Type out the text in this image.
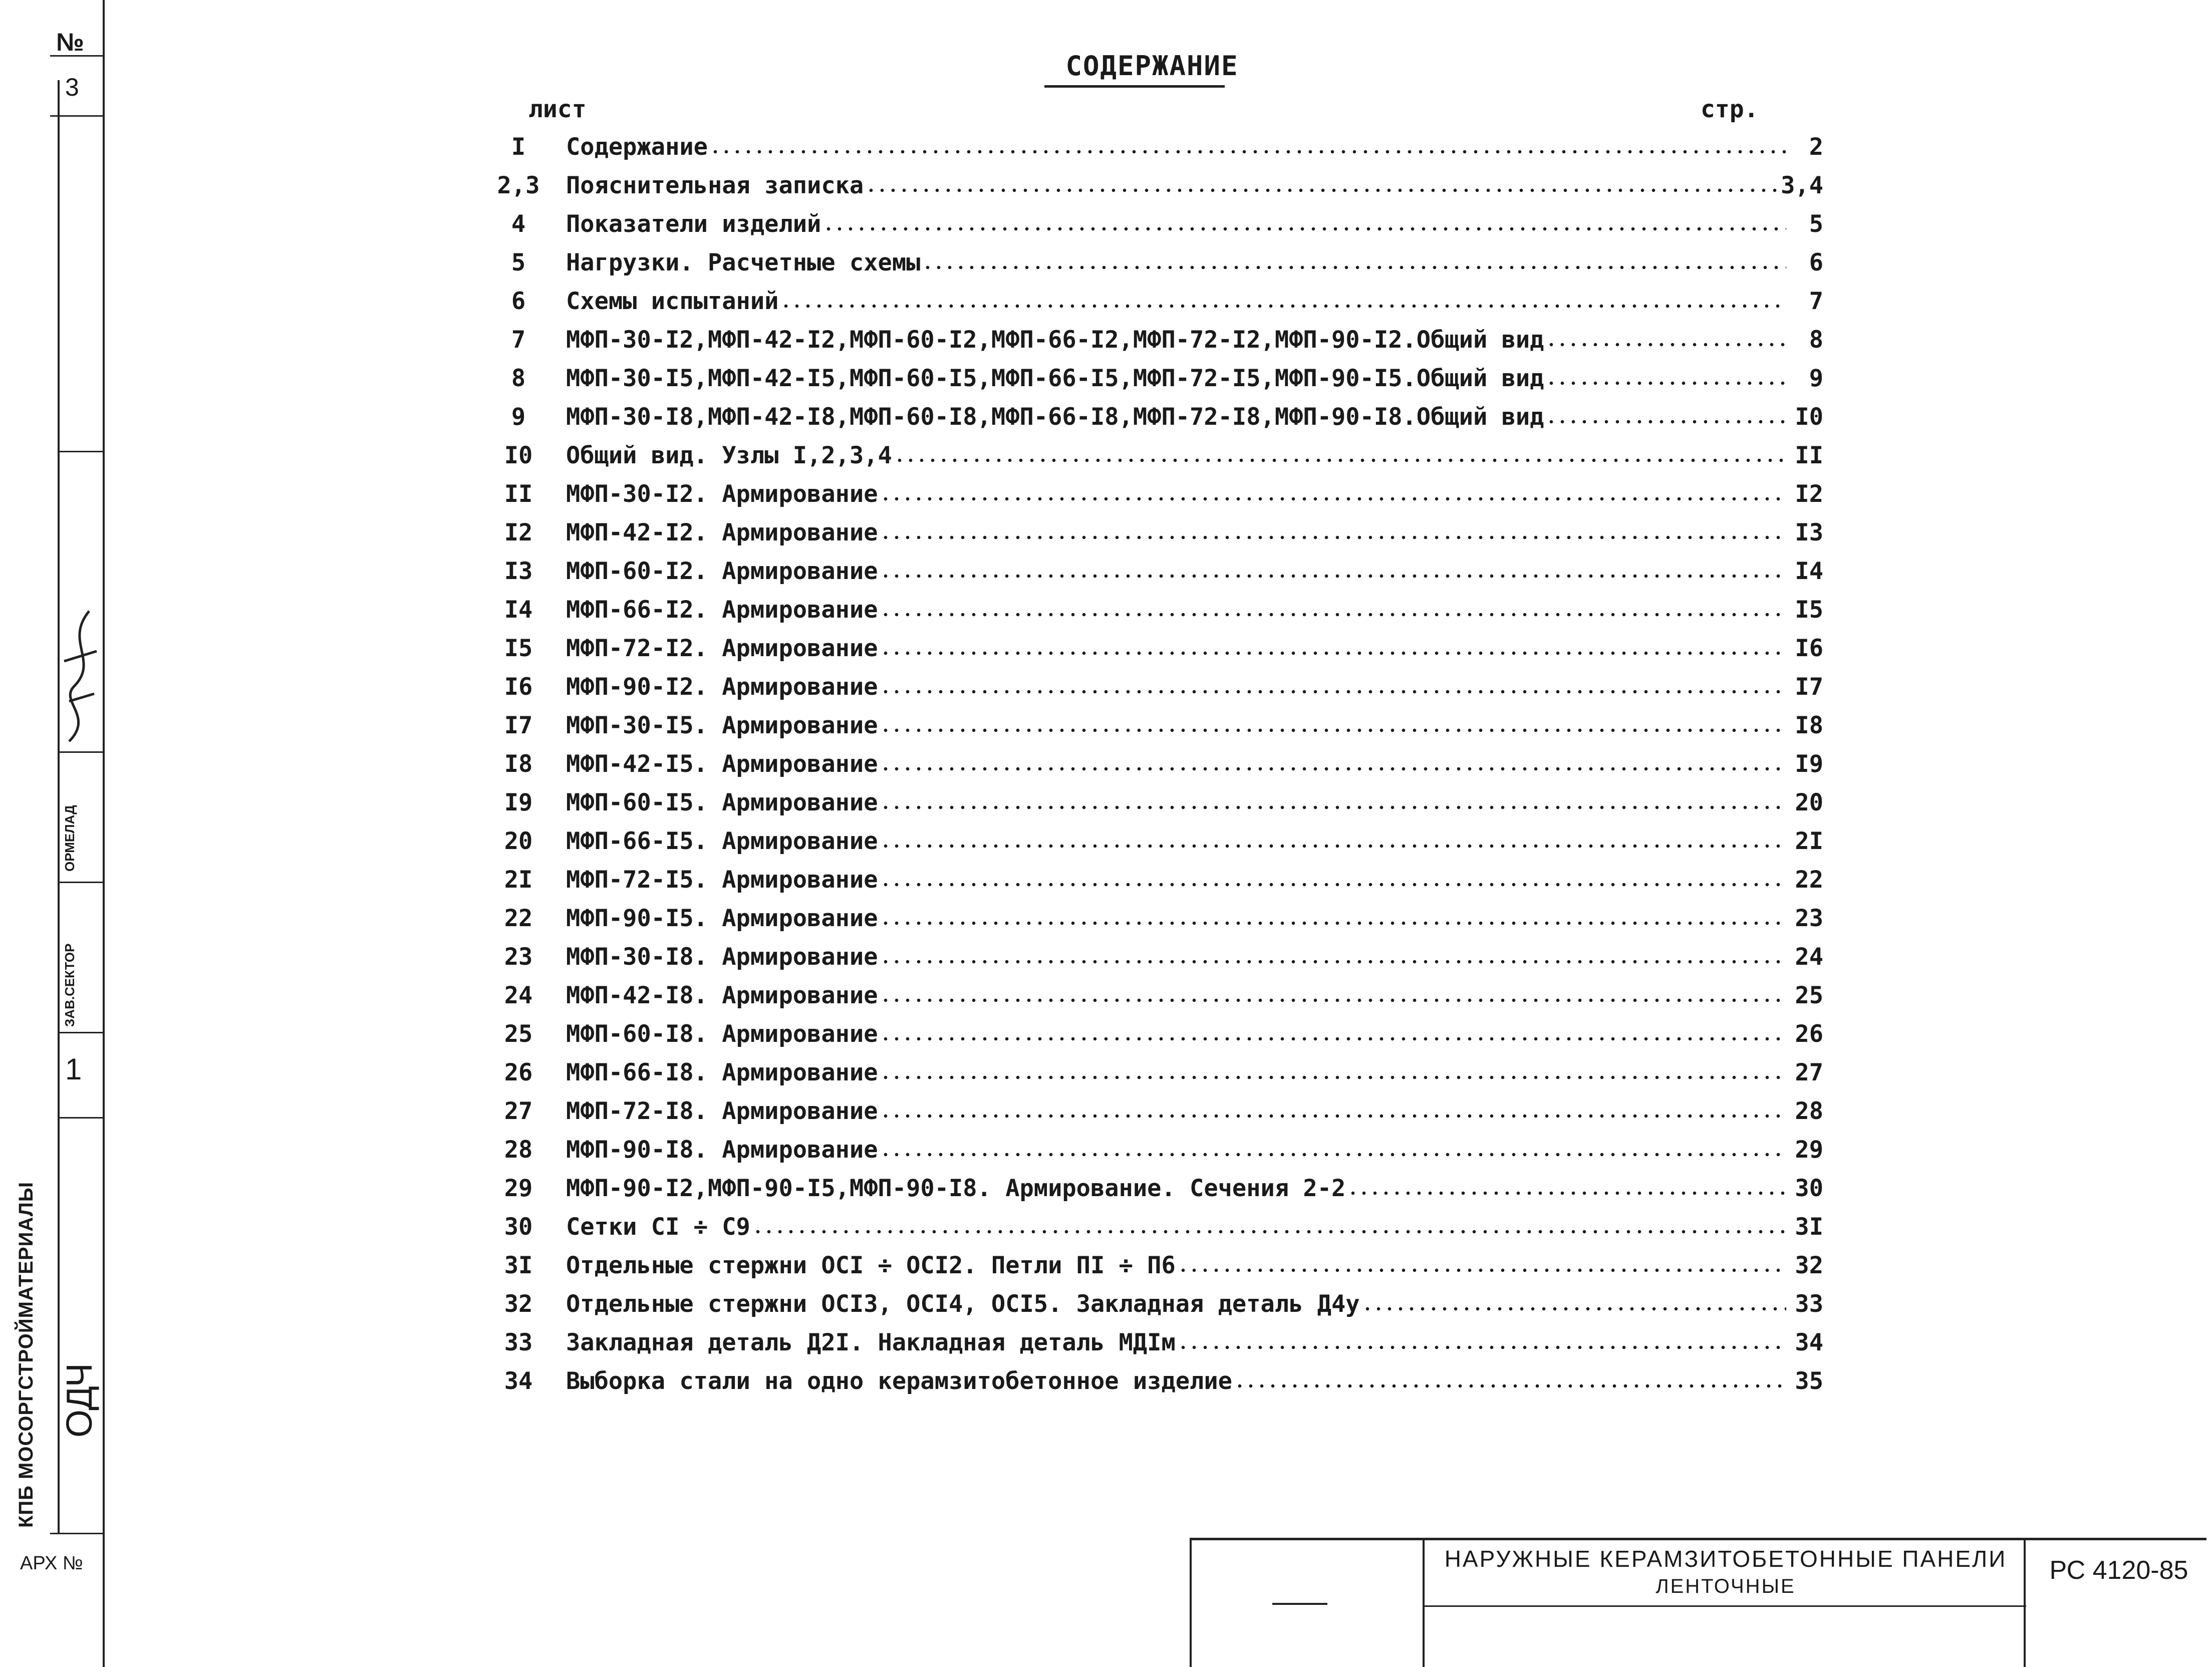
№
3
ОРМЕЛАД
ЗАВ.СЕКТОР
1
ОДЧ
КПБ МОСОРГСТРОЙМАТЕРИАЛЫ
АРХ №
СОДЕРЖАНИЕ
лист	стр.
I	Содержание	2
2,3	Пояснительная записка	3,4
4	Показатели изделий	5
5	Нагрузки. Расчетные схемы	6
6	Схемы испытаний	7
7	МФП-30-I2,МФП-42-I2,МФП-60-I2,МФП-66-I2,МФП-72-I2,МФП-90-I2.Общий вид	8
8	МФП-30-I5,МФП-42-I5,МФП-60-I5,МФП-66-I5,МФП-72-I5,МФП-90-I5.Общий вид	9
9	МФП-30-I8,МФП-42-I8,МФП-60-I8,МФП-66-I8,МФП-72-I8,МФП-90-I8.Общий вид	I0
I0	Общий вид. Узлы I,2,3,4	II
II	МФП-30-I2. Армирование	I2
I2	МФП-42-I2. Армирование	I3
I3	МФП-60-I2. Армирование	I4
I4	МФП-66-I2. Армирование	I5
I5	МФП-72-I2. Армирование	I6
I6	МФП-90-I2. Армирование	I7
I7	МФП-30-I5. Армирование	I8
I8	МФП-42-I5. Армирование	I9
I9	МФП-60-I5. Армирование	20
20	МФП-66-I5. Армирование	2I
2I	МФП-72-I5. Армирование	22
22	МФП-90-I5. Армирование	23
23	МФП-30-I8. Армирование	24
24	МФП-42-I8. Армирование	25
25	МФП-60-I8. Армирование	26
26	МФП-66-I8. Армирование	27
27	МФП-72-I8. Армирование	28
28	МФП-90-I8. Армирование	29
29	МФП-90-I2,МФП-90-I5,МФП-90-I8. Армирование. Сечения 2-2	30
30	Сетки СI ÷ С9	3I
3I	Отдельные стержни ОСI ÷ ОСI2. Петли ПI ÷ П6	32
32	Отдельные стержни ОСI3, ОСI4, ОСI5. Закладная деталь Д4у	33
33	Закладная деталь Д2I. Накладная деталь МДIм	34
34	Выборка стали на одно керамзитобетонное изделие	35
НАРУЖНЫЕ КЕРАМЗИТОБЕТОННЫЕ ПАНЕЛИ
ЛЕНТОЧНЫЕ
РС 4120-85
